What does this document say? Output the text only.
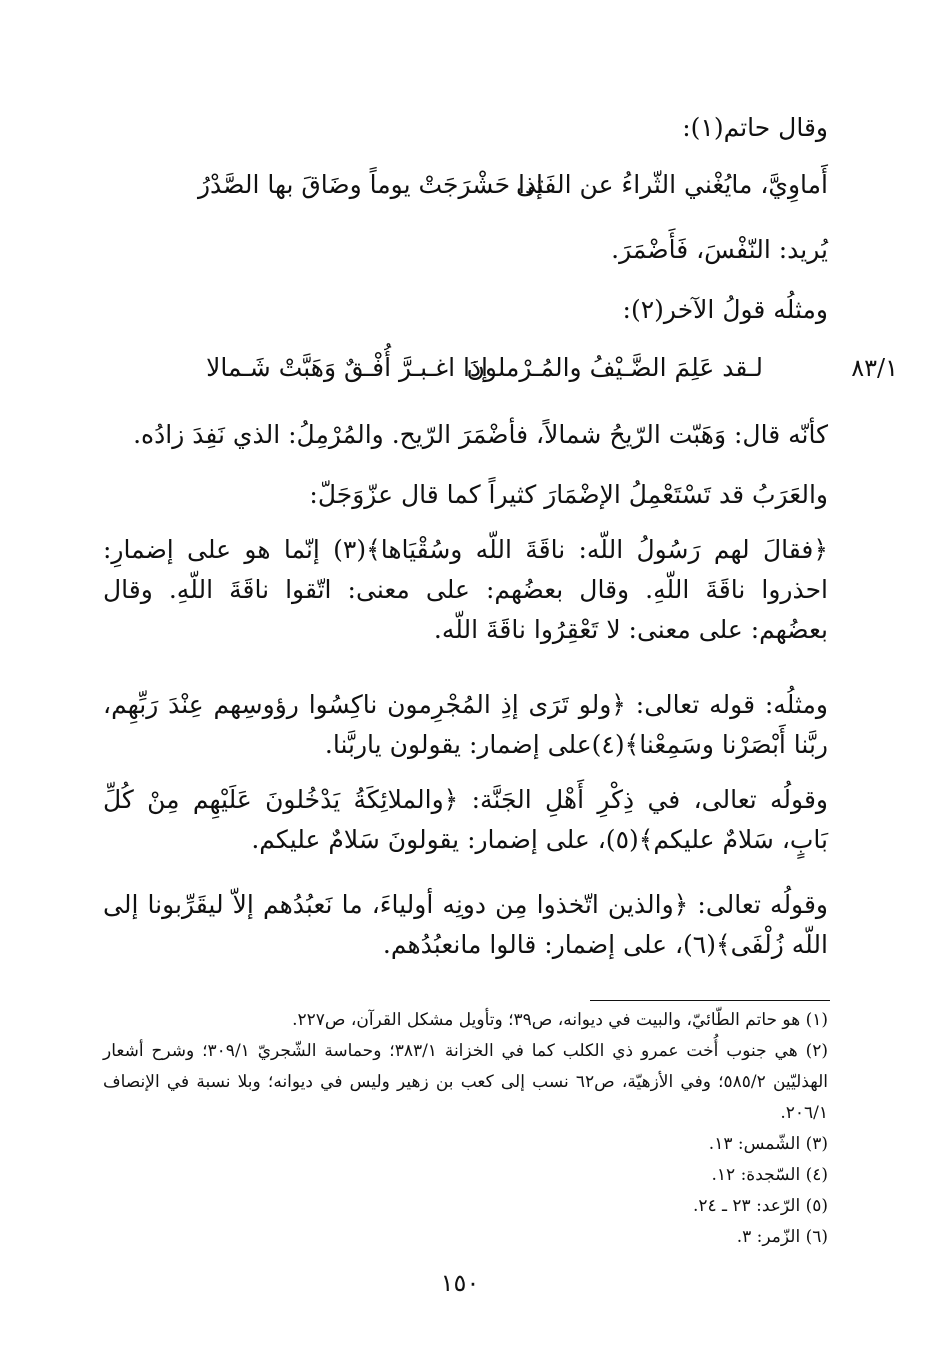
وقال حاتم(١):
أَماوِيَّ، مايُغْني الثّراءُ عن الفَتى
إذا حَشْرَجَتْ يوماً وضَاقَ بها الصَّدْرُ
يُريد: النّفْسَ، فَأَضْمَرَ.
ومثلُه قولُ الآخر(٢):
٨٣/١
لـقد عَلِمَ الضَّـيْفُ والمُـرْملونَ
إذا اغـبـرَّ أُفْـقٌ وَهَبَّتْ شَـمالا
كأنّه قال: وَهَبّت الرّيحُ شمالاً، فأضْمَرَ الرّيح. والمُرْمِلُ: الذي نَفِدَ زادُه.
والعَرَبُ قد تَسْتَعْمِلُ الإضْمَارَ كثيراً كما قال عزّوَجَلّ:
﴿فقالَ لهم رَسُولُ اللّه: ناقَةَ اللّه وسُقْيَاها﴾(٣) إنّما هو على إضمارِ: احذروا ناقَةَ اللّهِ. وقال بعضُهم: على معنى: اتّقوا ناقَةَ اللّهِ. وقال بعضُهم: على معنى: لا تَعْقِرُوا ناقَةَ اللّه.
ومثلُه: قوله تعالى: ﴿ولو تَرَى إذِ المُجْرِمون ناكِسُوا رؤوسِهم عِنْدَ رَبِّهِم، ربَّنا أَبْصَرْنا وسَمِعْنا﴾(٤)على إضمار: يقولون ياربَّنا.
وقولُه تعالى، في ذِكْرِ أَهْلِ الجَنَّة: ﴿والملائِكَةُ يَدْخُلونَ عَلَيْهِم مِنْ كُلِّ بَابٍ، سَلامٌ عليكم﴾(٥)، على إضمار: يقولونَ سَلامٌ عليكم.
وقولُه تعالى: ﴿والذين اتّخذوا مِن دونِه أولياءَ، ما نَعبُدُهم إلاّ ليقَرِّبونا إلى اللّه زُلْفَى﴾(٦)، على إضمار: قالوا مانعبُدُهم.
(١) هو حاتم الطّائيّ، والبيت في ديوانه، ص٣٩؛ وتأويل مشكل القرآن، ص٢٢٧.
(٢) هي جنوب أُخت عمرو ذي الكلب كما في الخزانة ٣٨٣/١؛ وحماسة الشّجريّ ٣٠٩/١؛ وشرح أشعار الهذليّين ٥٨٥/٢؛ وفي الأزهيّة، ص٦٢ نسب إلى كعب بن زهير وليس في ديوانه؛ وبلا نسبة في الإنصاف ٢٠٦/١.
(٣) الشّمس: ١٣.
(٤) السّجدة: ١٢.
(٥) الرّعد: ٢٣ ـ ٢٤.
(٦) الزّمر: ٣.
١٥٠
